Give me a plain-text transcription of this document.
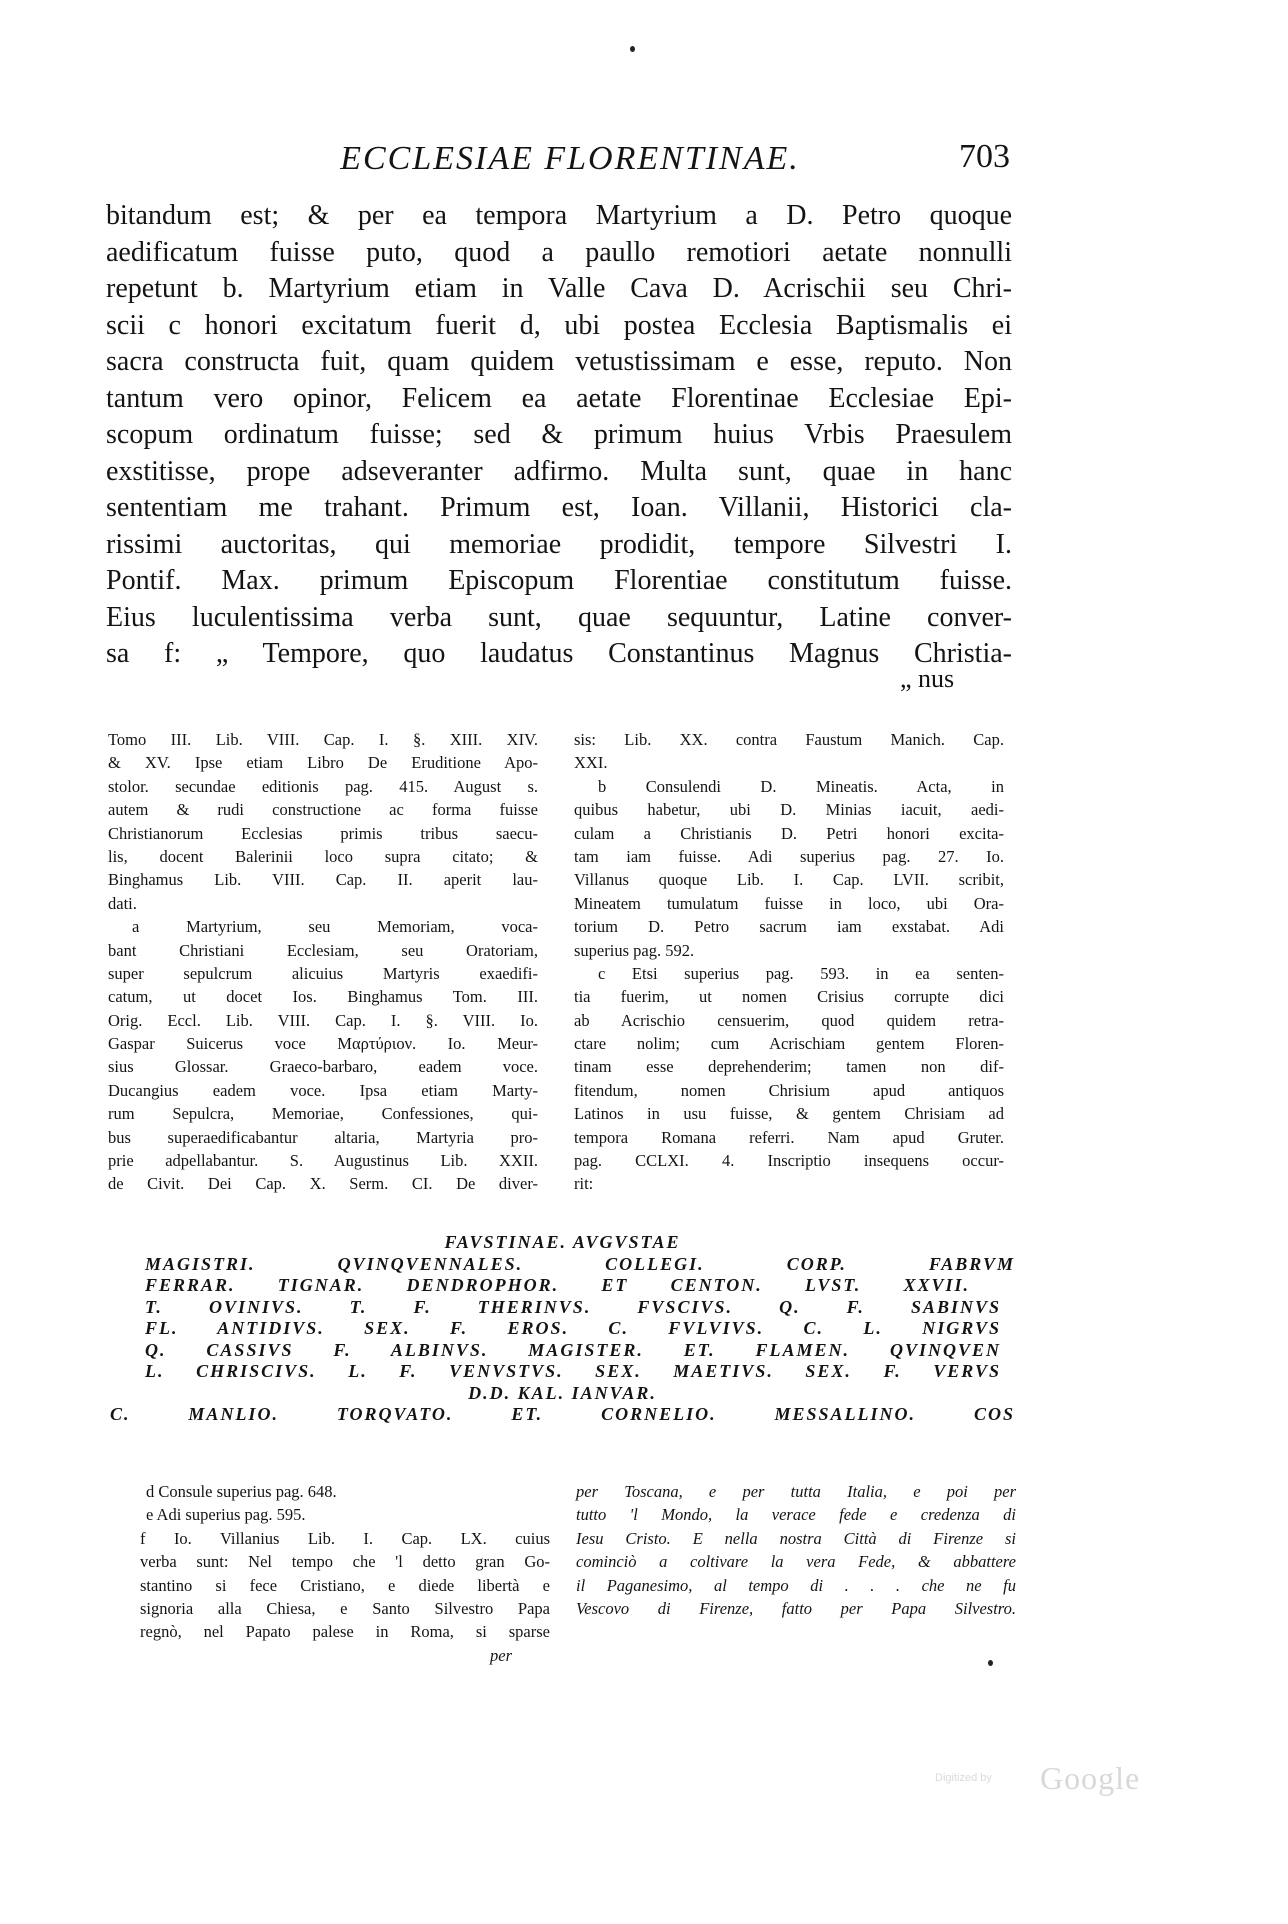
ECCLESIAE FLORENTINAE.	703
bitandum est; & per ea tempora Martyrium a D. Petro quoque
aedificatum fuisse puto, quod a paullo remotiori aetate nonnulli
repetunt b. Martyrium etiam in Valle Cava D. Acrischii seu Chri-
scii c honori excitatum fuerit d, ubi postea Ecclesia Baptismalis ei
sacra constructa fuit, quam quidem vetustissimam e esse, reputo. Non
tantum vero opinor, Felicem ea aetate Florentinae Ecclesiae Epi-
scopum ordinatum fuisse; sed & primum huius Vrbis Praesulem
exstitisse, prope adseveranter adfirmo. Multa sunt, quae in hanc
sententiam me trahant. Primum est, Ioan. Villanii, Historici cla-
rissimi auctoritas, qui memoriae prodidit, tempore Silvestri I.
Pontif. Max. primum Episcopum Florentiae constitutum fuisse.
Eius luculentissima verba sunt, quae sequuntur, Latine conver-
sa f: „ Tempore, quo laudatus Constantinus Magnus Christia-
„ nus
Tomo III. Lib. VIII. Cap. I. §. XIII. XIV.
& XV. Ipse etiam Libro De Eruditione Apo-
stolor. secundae editionis pag. 415. August s.
autem & rudi constructione ac forma fuisse
Christianorum Ecclesias primis tribus saecu-
lis, docent Balerinii loco supra citato; &
Binghamus Lib. VIII. Cap. II. aperit lau-
dati.
a Martyrium, seu Memoriam, voca-
bant Christiani Ecclesiam, seu Oratoriam,
super sepulcrum alicuius Martyris exaedifi-
catum, ut docet Ios. Binghamus Tom. III.
Orig. Eccl. Lib. VIII. Cap. I. §. VIII. Io.
Gaspar Suicerus voce Μαρτύριον. Io. Meur-
sius Glossar. Graeco-barbaro, eadem voce.
Ducangius eadem voce. Ipsa etiam Marty-
rum Sepulcra, Memoriae, Confessiones, qui-
bus superaedificabantur altaria, Martyria pro-
prie adpellabantur. S. Augustinus Lib. XXII.
de Civit. Dei Cap. X. Serm. CI. De diver-
sis: Lib. XX. contra Faustum Manich. Cap.
XXI.
b Consulendi D. Mineatis. Acta, in
quibus habetur, ubi D. Minias iacuit, aedi-
culam a Christianis D. Petri honori excita-
tam iam fuisse. Adi superius pag. 27. Io.
Villanus quoque Lib. I. Cap. LVII. scribit,
Mineatem tumulatum fuisse in loco, ubi Ora-
torium D. Petro sacrum iam exstabat. Adi
superius pag. 592.
c Etsi superius pag. 593. in ea senten-
tia fuerim, ut nomen Crisius corrupte dici
ab Acrischio censuerim, quod quidem retra-
ctare nolim; cum Acrischiam gentem Floren-
tinam esse deprehenderim; tamen non dif-
fitendum, nomen Chrisium apud antiquos
Latinos in usu fuisse, & gentem Chrisiam ad
tempora Romana referri. Nam apud Gruter.
pag. CCLXI. 4. Inscriptio insequens occur-
rit:
FAVSTINAE. AVGVSTAE
MAGISTRI. QVINQVENNALES. COLLEGI. CORP. FABRVM
FERRAR. TIGNAR. DENDROPHOR. ET CENTON. LVST. XXVII.
T. OVINIVS. T. F. THERINVS. FVSCIVS. Q. F. SABINVS
FL. ANTIDIVS. SEX. F. EROS. C. FVLVIVS. C. L. NIGRVS
Q. CASSIVS F. ALBINVS. MAGISTER. ET. FLAMEN. QVINQVEN
L. CHRISCIVS. L. F. VENVSTVS. SEX. MAETIVS. SEX. F. VERVS
D.D. KAL. IANVAR.
C. MANLIO. TORQVATO. ET. CORNELIO. MESSALLINO. COS
d Consule superius pag. 648.
e Adi superius pag. 595.
f Io. Villanius Lib. I. Cap. LX. cuius
verba sunt: Nel tempo che 'l detto gran Go-
stantino si fece Cristiano, e diede libertà e
signoria alla Chiesa, e Santo Silvestro Papa
regnò, nel Papato palese in Roma, si sparse
per
per Toscana, e per tutta Italia, e poi per
tutto 'l Mondo, la verace fede e credenza di
Iesu Cristo. E nella nostra Città di Firenze si
cominciò a coltivare la vera Fede, & abbattere
il Paganesimo, al tempo di . . . che ne fu
Vescovo di Firenze, fatto per Papa Silvestro.
Digitized by Google
